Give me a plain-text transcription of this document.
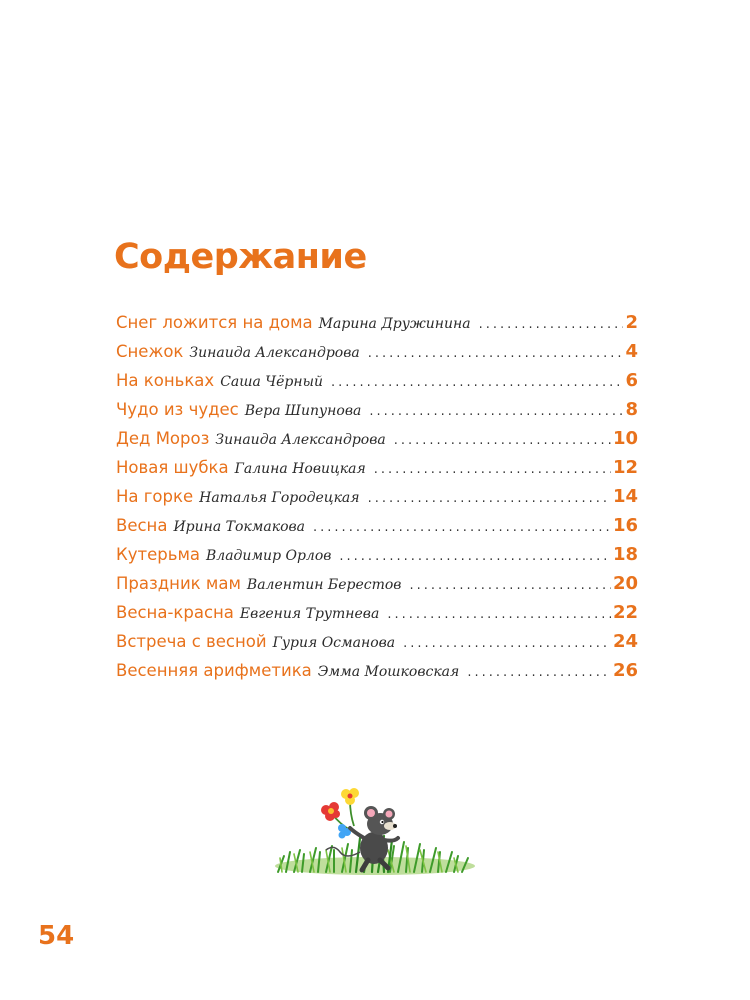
Содержание
Снег ложится на дома Марина Дружинина .....	2
Снежок Зинаида Александрова .....	4
На коньках Саша Чёрный .....	6
Чудо из чудес Вера Шипунова .....	8
Дед Мороз Зинаида Александрова .....	10
Новая шубка Галина Новицкая .....	12
На горке Наталья Городецкая .....	14
Весна Ирина Токмакова .....	16
Кутерьма Владимир Орлов .....	18
Праздник мам Валентин Берестов .....	20
Весна-красна Евгения Трутнева .....	22
Встреча с весной Гурия Османова .....	24
Весенняя арифметика Эмма Мошковская .....	26
54
